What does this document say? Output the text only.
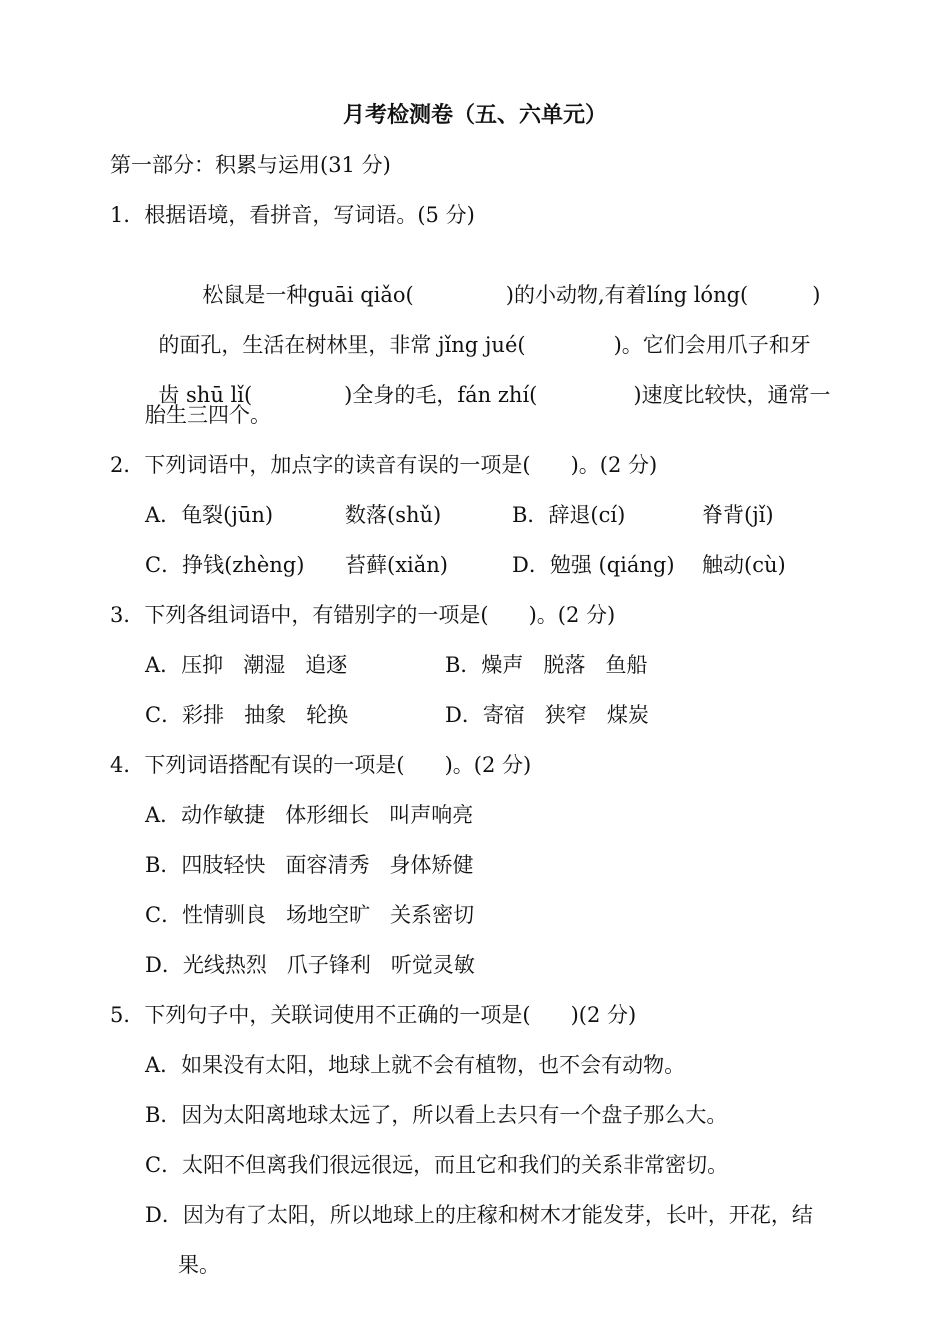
月考检测卷（五、六单元）
第一部分：积累与运用(31 分)
1．根据语境，看拼音，写词语。(5 分)

松鼠是一种guāi qiǎo(	)的小动物,有着líng lóng(	)

的面孔，生活在树林里，非常 jǐng jué(	)。它们会用爪子和牙

齿 shū lǐ(	)全身的毛，fán zhí(	)速度比较快，通常一

胎生三四个。
2．下列词语中，加点字的读音有误的一项是(      )。(2 分)
A．龟裂(jūn)	数落(shǔ)	B．辞退(cí)	脊背(jǐ)
C．挣钱(zhèng) 苔藓(xiǎn)	D．勉强 (qiáng) 触动(cù)
3．下列各组词语中，有错别字的一项是(      )。(2 分)
A．压抑   潮湿   追逐	B．燥声   脱落   鱼船
C．彩排   抽象   轮换	D．寄宿   狭窄   煤炭
4．下列词语搭配有误的一项是(      )。(2 分)
A．动作敏捷   体形细长   叫声响亮
B．四肢轻快   面容清秀   身体矫健
C．性情驯良   场地空旷   关系密切
D．光线热烈   爪子锋利   听觉灵敏
5．下列句子中，关联词使用不正确的一项是(      )(2 分)
A．如果没有太阳，地球上就不会有植物，也不会有动物。
B．因为太阳离地球太远了，所以看上去只有一个盘子那么大。
C．太阳不但离我们很远很远，而且它和我们的关系非常密切。
D．因为有了太阳，所以地球上的庄稼和树木才能发芽，长叶，开花，结
果。
